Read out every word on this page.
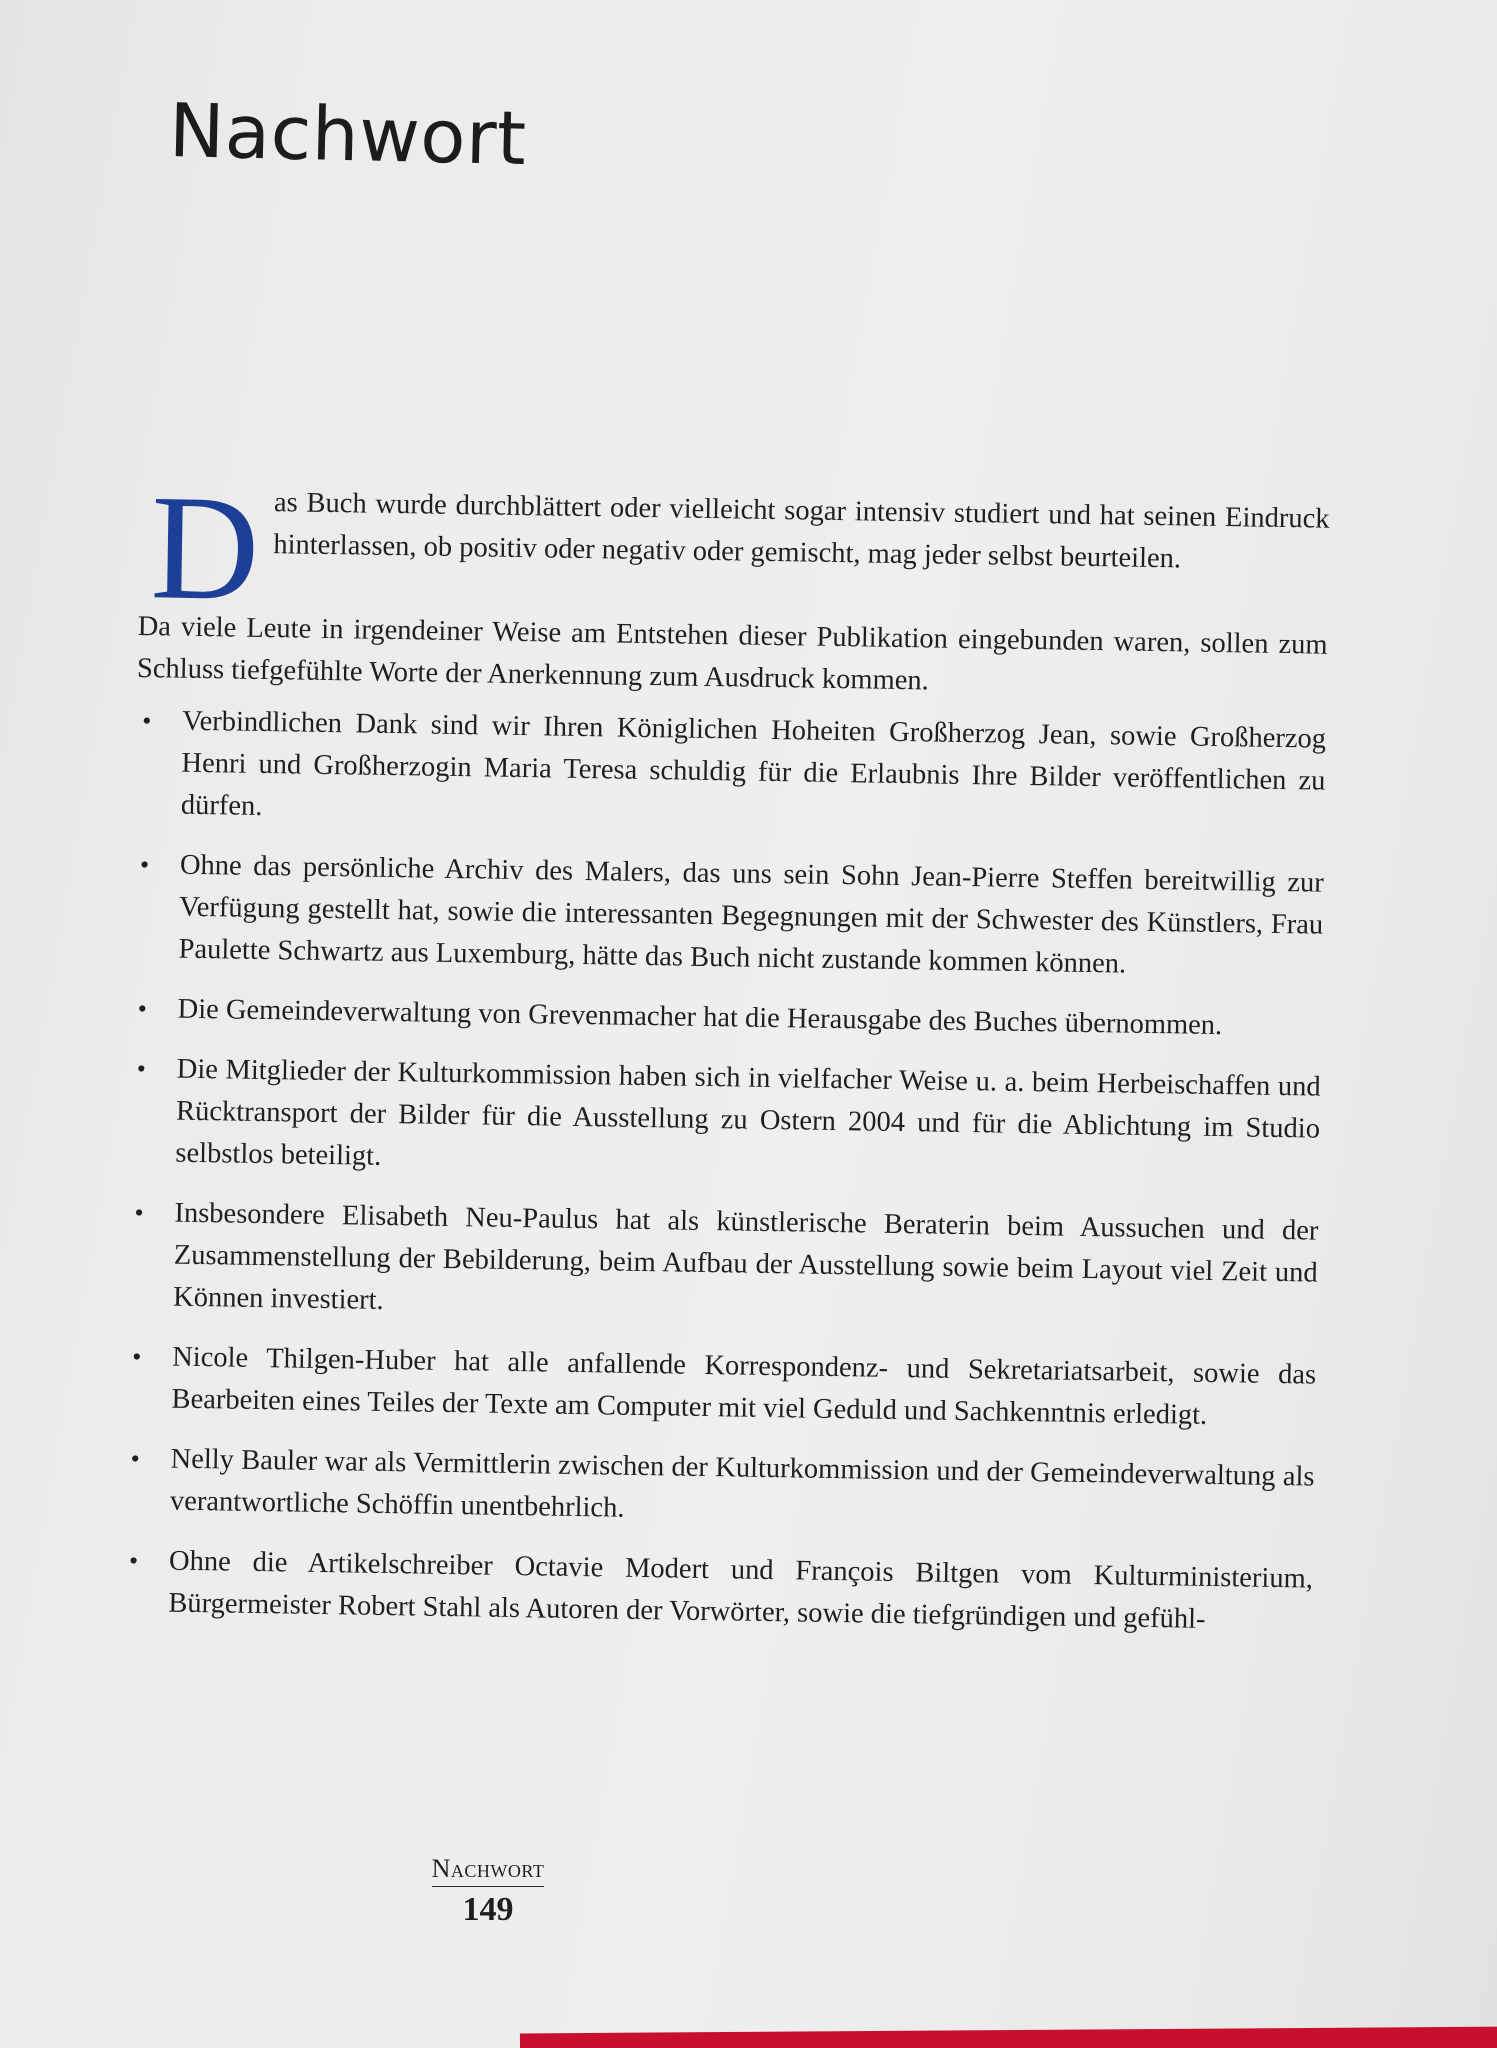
Nachwort

Das Buch wurde durchblättert oder vielleicht sogar intensiv studiert und hat seinen Eindruck hinterlassen, ob positiv oder negativ oder gemischt, mag jeder selbst beurteilen.

Da viele Leute in irgendeiner Weise am Entstehen dieser Publikation eingebunden waren, sollen zum Schluss tiefgefühlte Worte der Anerkennung zum Ausdruck kommen.

• Verbindlichen Dank sind wir Ihren Königlichen Hoheiten Großherzog Jean, sowie Großherzog Henri und Großherzogin Maria Teresa schuldig für die Erlaubnis Ihre Bilder veröffentlichen zu dürfen.
• Ohne das persönliche Archiv des Malers, das uns sein Sohn Jean-Pierre Steffen bereitwillig zur Verfügung gestellt hat, sowie die interessanten Begegnungen mit der Schwester des Künstlers, Frau Paulette Schwartz aus Luxemburg, hätte das Buch nicht zustande kommen können.
• Die Gemeindeverwaltung von Grevenmacher hat die Herausgabe des Buches übernommen.
• Die Mitglieder der Kulturkommission haben sich in vielfacher Weise u. a. beim Herbeischaffen und Rücktransport der Bilder für die Ausstellung zu Ostern 2004 und für die Ablichtung im Studio selbstlos beteiligt.
• Insbesondere Elisabeth Neu-Paulus hat als künstlerische Beraterin beim Aussuchen und der Zusammenstellung der Bebilderung, beim Aufbau der Ausstellung sowie beim Layout viel Zeit und Können investiert.
• Nicole Thilgen-Huber hat alle anfallende Korrespondenz- und Sekretariatsarbeit, sowie das Bearbeiten eines Teiles der Texte am Computer mit viel Geduld und Sachkenntnis erledigt.
• Nelly Bauler war als Vermittlerin zwischen der Kulturkommission und der Gemeindeverwaltung als verantwortliche Schöffin unentbehrlich.
• Ohne die Artikelschreiber Octavie Modert und François Biltgen vom Kulturministerium, Bürgermeister Robert Stahl als Autoren der Vorwörter, sowie die tiefgründigen und gefühl-
Nachwort
149
